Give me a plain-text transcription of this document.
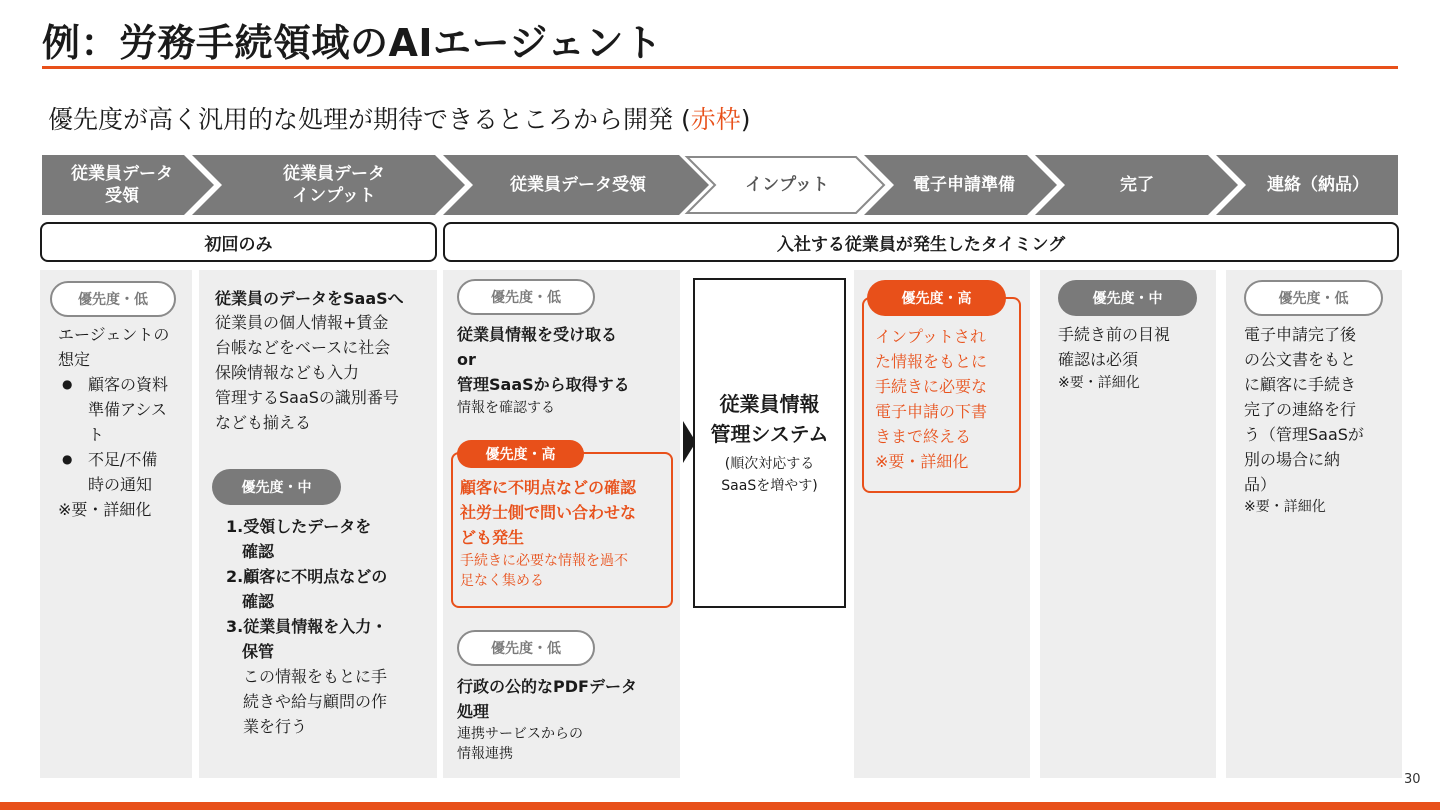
例：労務手続領域のAIエージェント
優先度が高く汎用的な処理が期待できるところから開発 (赤枠)
従業員データ
受領
従業員データ
インプット
従業員データ受領	インプット	電子申請準備	完了	連絡（納品）
初回のみ	入社する従業員が発生したタイミング
優先度・低
エージェントの
想定
● 顧客の資料
準備アシス
ト
● 不足/不備
時の通知
※要・詳細化
従業員のデータをSaaSへ
従業員の個人情報+賃金
台帳などをベースに社会
保険情報なども入力
管理するSaaSの識別番号
なども揃える
優先度・中
1.受領したデータを
　確認
2.顧客に不明点などの
　確認
3.従業員情報を入力・
　保管
この情報をもとに手
続きや給与顧問の作
業を行う
優先度・低
従業員情報を受け取る
or
管理SaaSから取得する
情報を確認する
優先度・高
顧客に不明点などの確認
社労士側で問い合わせな
ども発生
手続きに必要な情報を過不
足なく集める
優先度・低
行政の公的なPDFデータ
処理
連携サービスからの
情報連携
従業員情報
管理システム
(順次対応する
SaaSを増やす)
優先度・高
インプットされ
た情報をもとに
手続きに必要な
電子申請の下書
きまで終える
※要・詳細化
優先度・中
手続き前の目視
確認は必須
※要・詳細化
優先度・低
電子申請完了後
の公文書をもと
に顧客に手続き
完了の連絡を行
う（管理SaaSが
別の場合に納
品）
※要・詳細化
30
